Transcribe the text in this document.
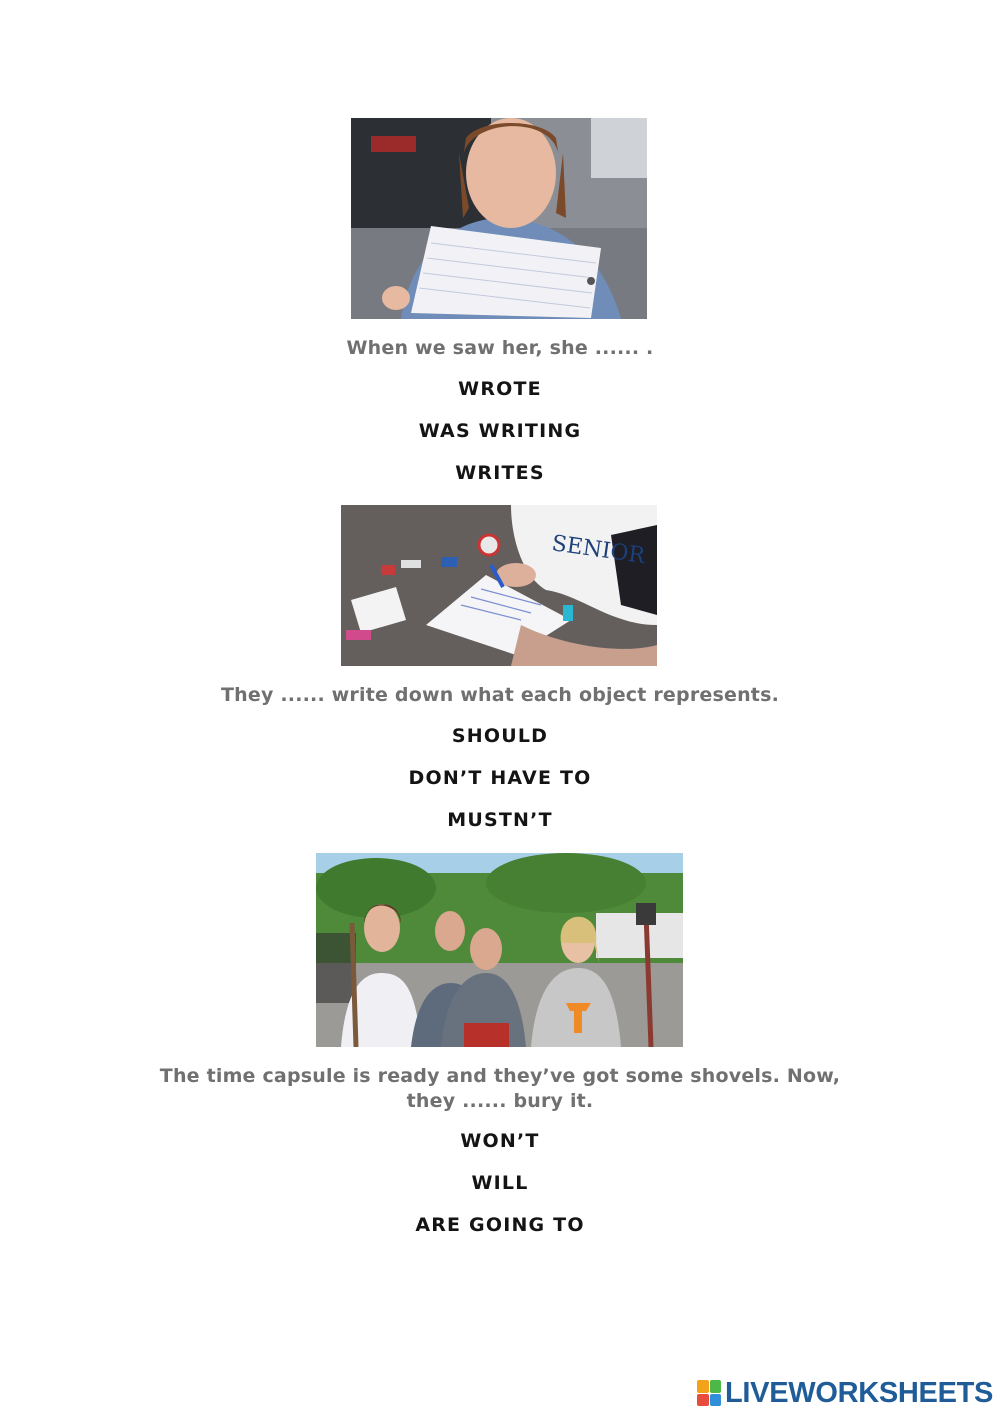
When we saw her, she ...... .
WROTE
WAS WRITING
WRITES
SENIOR
They ...... write down what each object represents.
SHOULD
DON’T HAVE TO
MUSTN’T
The time capsule is ready and they’ve got some shovels. Now, they ...... bury it.
WON’T
WILL
ARE GOING TO
LIVEWORKSHEETS
